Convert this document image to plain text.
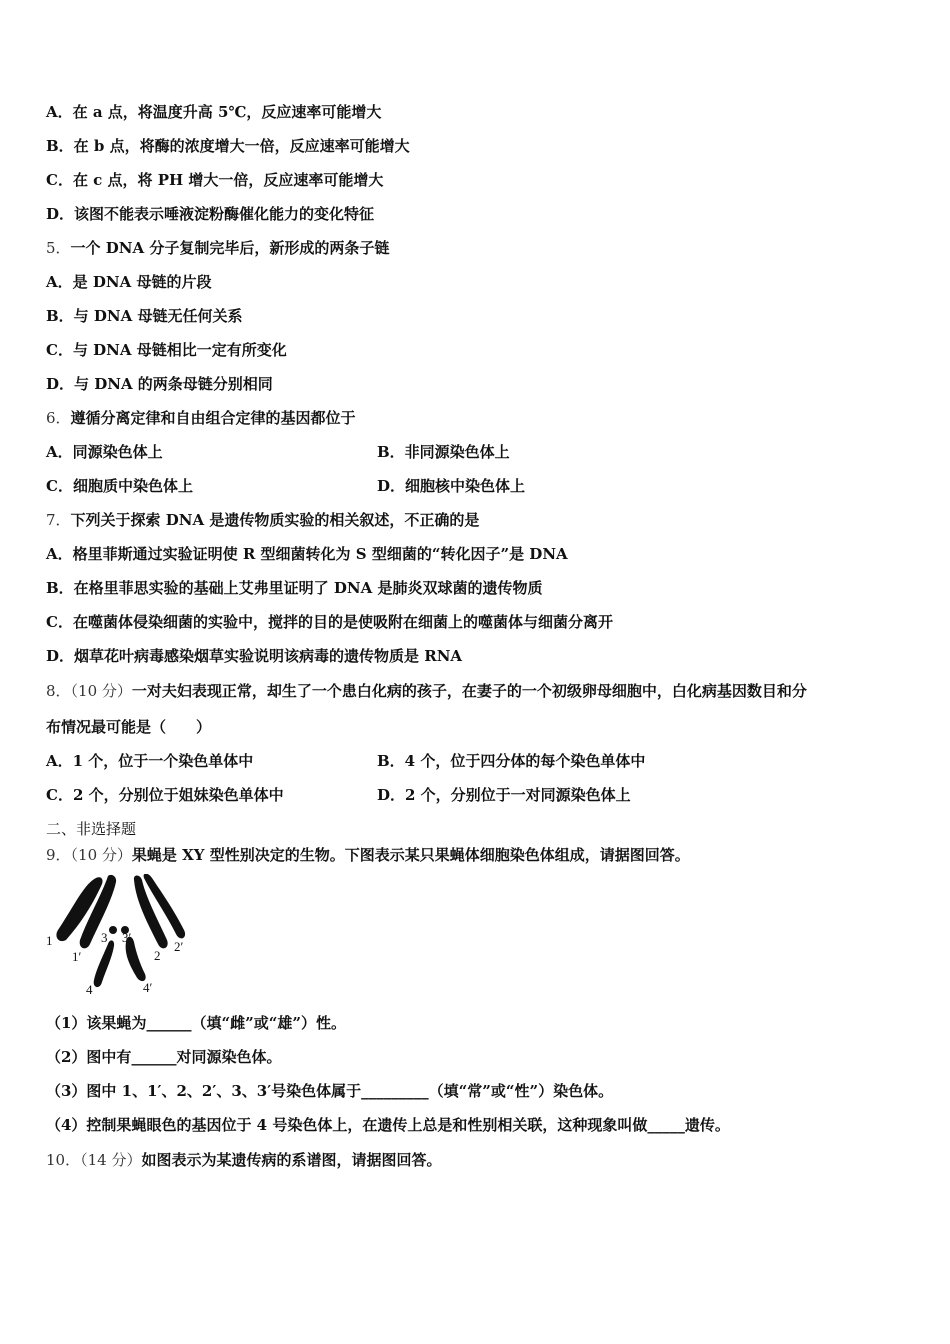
A．在 a 点，将温度升高 5℃，反应速率可能增大
B．在 b 点，将酶的浓度增大一倍，反应速率可能增大
C．在 c 点，将 PH 增大一倍，反应速率可能增大
D．该图不能表示唾液淀粉酶催化能力的变化特征
5．一个 DNA 分子复制完毕后，新形成的两条子链
A．是 DNA 母链的片段
B．与 DNA 母链无任何关系
C．与 DNA 母链相比一定有所变化
D．与 DNA 的两条母链分别相同
6．遵循分离定律和自由组合定律的基因都位于
A．同源染色体上	B．非同源染色体上
C．细胞质中染色体上	D．细胞核中染色体上
7．下列关于探索 DNA 是遗传物质实验的相关叙述，不正确的是
A．格里菲斯通过实验证明使 R 型细菌转化为 S 型细菌的“转化因子”是 DNA
B．在格里菲思实验的基础上艾弗里证明了 DNA 是肺炎双球菌的遗传物质
C．在噬菌体侵染细菌的实验中，搅拌的目的是使吸附在细菌上的噬菌体与细菌分离开
D．烟草花叶病毒感染烟草实验说明该病毒的遗传物质是 RNA
8．（10 分）一对夫妇表现正常，却生了一个患白化病的孩子，在妻子的一个初级卵母细胞中，白化病基因数目和分
布情况最可能是（　　）
A．1 个，位于一个染色单体中	B．4 个，位于四分体的每个染色单体中
C．2 个，分别位于姐妹染色单体中	D．2 个，分别位于一对同源染色体上
二、非选择题
9．（10 分）果蝇是 XY 型性别决定的生物。下图表示某只果蝇体细胞染色体组成，请据图回答。
1	3 3′
2′
1′	2
4	4′
（1）该果蝇为______（填“雌”或“雄”）性。
（2）图中有______对同源染色体。
（3）图中 1、1′、2、2′、3、3′号染色体属于_________（填“常”或“性”）染色体。
（4）控制果蝇眼色的基因位于 4 号染色体上，在遗传上总是和性别相关联，这种现象叫做_____遗传。
10．（14 分）如图表示为某遗传病的系谱图，请据图回答。
